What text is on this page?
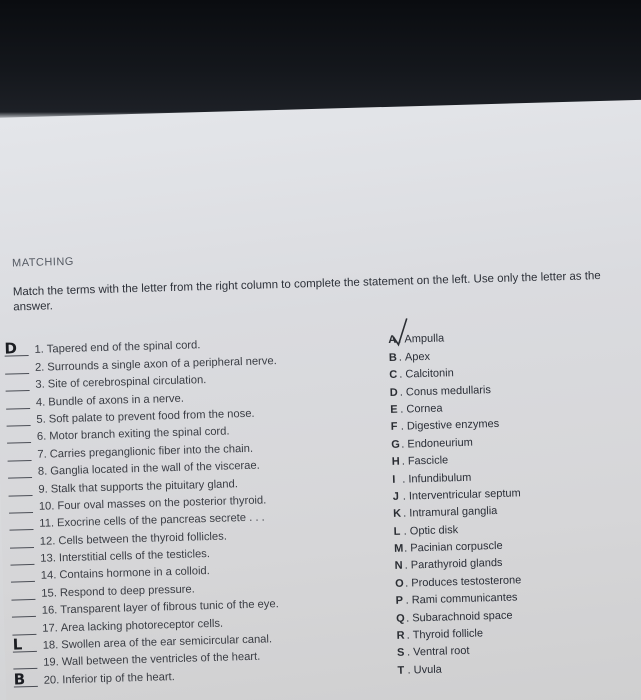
MATCHING
Match the terms with the letter from the right column to complete the statement on the left. Use only the letter as the answer.
D 1. Tapered end of the spinal cord.
2. Surrounds a single axon of a peripheral nerve.
3. Site of cerebrospinal circulation.
4. Bundle of axons in a nerve.
5. Soft palate to prevent food from the nose.
6. Motor branch exiting the spinal cord.
7. Carries preganglionic fiber into the chain.
8. Ganglia located in the wall of the viscerae.
9. Stalk that supports the pituitary gland.
10. Four oval masses on the posterior thyroid.
11. Exocrine cells of the pancreas secrete . . .
12. Cells between the thyroid follicles.
13. Interstitial cells of the testicles.
14. Contains hormone in a colloid.
15. Respond to deep pressure.
16. Transparent layer of fibrous tunic of the eye.
17. Area lacking photoreceptor cells.
L 18. Swollen area of the ear semicircular canal.
19. Wall between the ventricles of the heart.
B 20. Inferior tip of the heart.
A . Ampulla
B . Apex
C . Calcitonin
D . Conus medullaris
E . Cornea
F . Digestive enzymes
G . Endoneurium
H . Fascicle
I . Infundibulum
J . Interventricular septum
K . Intramural ganglia
L . Optic disk
M . Pacinian corpuscle
N . Parathyroid glands
O . Produces testosterone
P . Rami communicantes
Q . Subarachnoid space
R . Thyroid follicle
S . Ventral root
T . Uvula
